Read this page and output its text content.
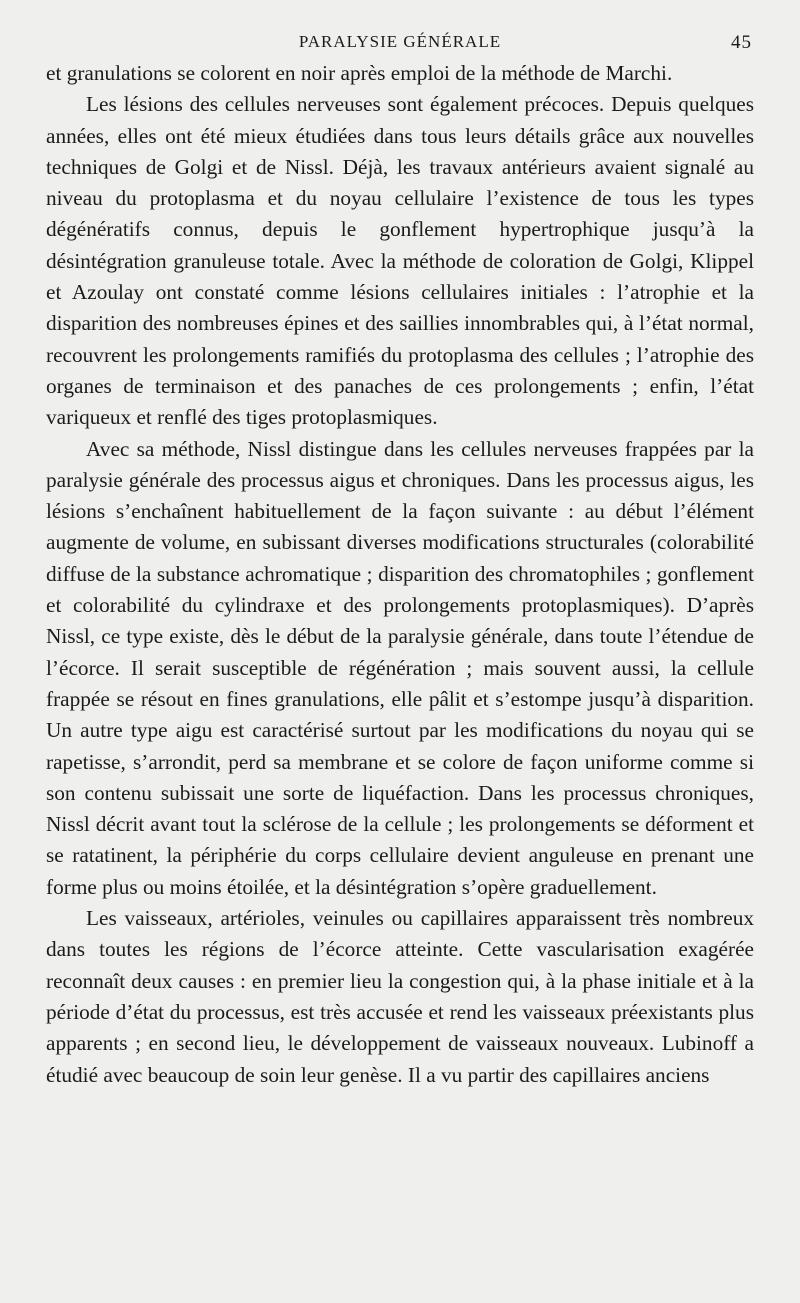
PARALYSIE GÉNÉRALE	45

et granulations se colorent en noir après emploi de la méthode de Marchi.

Les lésions des cellules nerveuses sont également précoces. Depuis quelques années, elles ont été mieux étudiées dans tous leurs détails grâce aux nouvelles techniques de Golgi et de Nissl. Déjà, les travaux antérieurs avaient signalé au niveau du protoplasma et du noyau cellulaire l’existence de tous les types dégénératifs connus, depuis le gonflement hypertrophique jusqu’à la désintégration granuleuse totale. Avec la méthode de coloration de Golgi, Klippel et Azoulay ont constaté comme lésions cellulaires initiales : l’atrophie et la disparition des nombreuses épines et des saillies innombrables qui, à l’état normal, recouvrent les prolongements ramifiés du protoplasma des cellules ; l’atrophie des organes de terminaison et des panaches de ces prolongements ; enfin, l’état variqueux et renflé des tiges protoplasmiques.

Avec sa méthode, Nissl distingue dans les cellules nerveuses frappées par la paralysie générale des processus aigus et chroniques. Dans les processus aigus, les lésions s’enchaînent habituellement de la façon suivante : au début l’élément augmente de volume, en subissant diverses modifications structurales (colorabilité diffuse de la substance achromatique ; disparition des chromatophiles ; gonflement et colorabilité du cylindraxe et des prolongements protoplasmiques). D’après Nissl, ce type existe, dès le début de la paralysie générale, dans toute l’étendue de l’écorce. Il serait susceptible de régénération ; mais souvent aussi, la cellule frappée se résout en fines granulations, elle pâlit et s’estompe jusqu’à disparition. Un autre type aigu est caractérisé surtout par les modifications du noyau qui se rapetisse, s’arrondit, perd sa membrane et se colore de façon uniforme comme si son contenu subissait une sorte de liquéfaction. Dans les processus chroniques, Nissl décrit avant tout la sclérose de la cellule ; les prolongements se déforment et se ratatinent, la périphérie du corps cellulaire devient anguleuse en prenant une forme plus ou moins étoilée, et la désintégration s’opère graduellement.

Les vaisseaux, artérioles, veinules ou capillaires apparaissent très nombreux dans toutes les régions de l’écorce atteinte. Cette vascularisation exagérée reconnaît deux causes : en premier lieu la congestion qui, à la phase initiale et à la période d’état du processus, est très accusée et rend les vaisseaux préexistants plus apparents ; en second lieu, le développement de vaisseaux nouveaux. Lubinoff a étudié avec beaucoup de soin leur genèse. Il a vu partir des capillaires anciens
